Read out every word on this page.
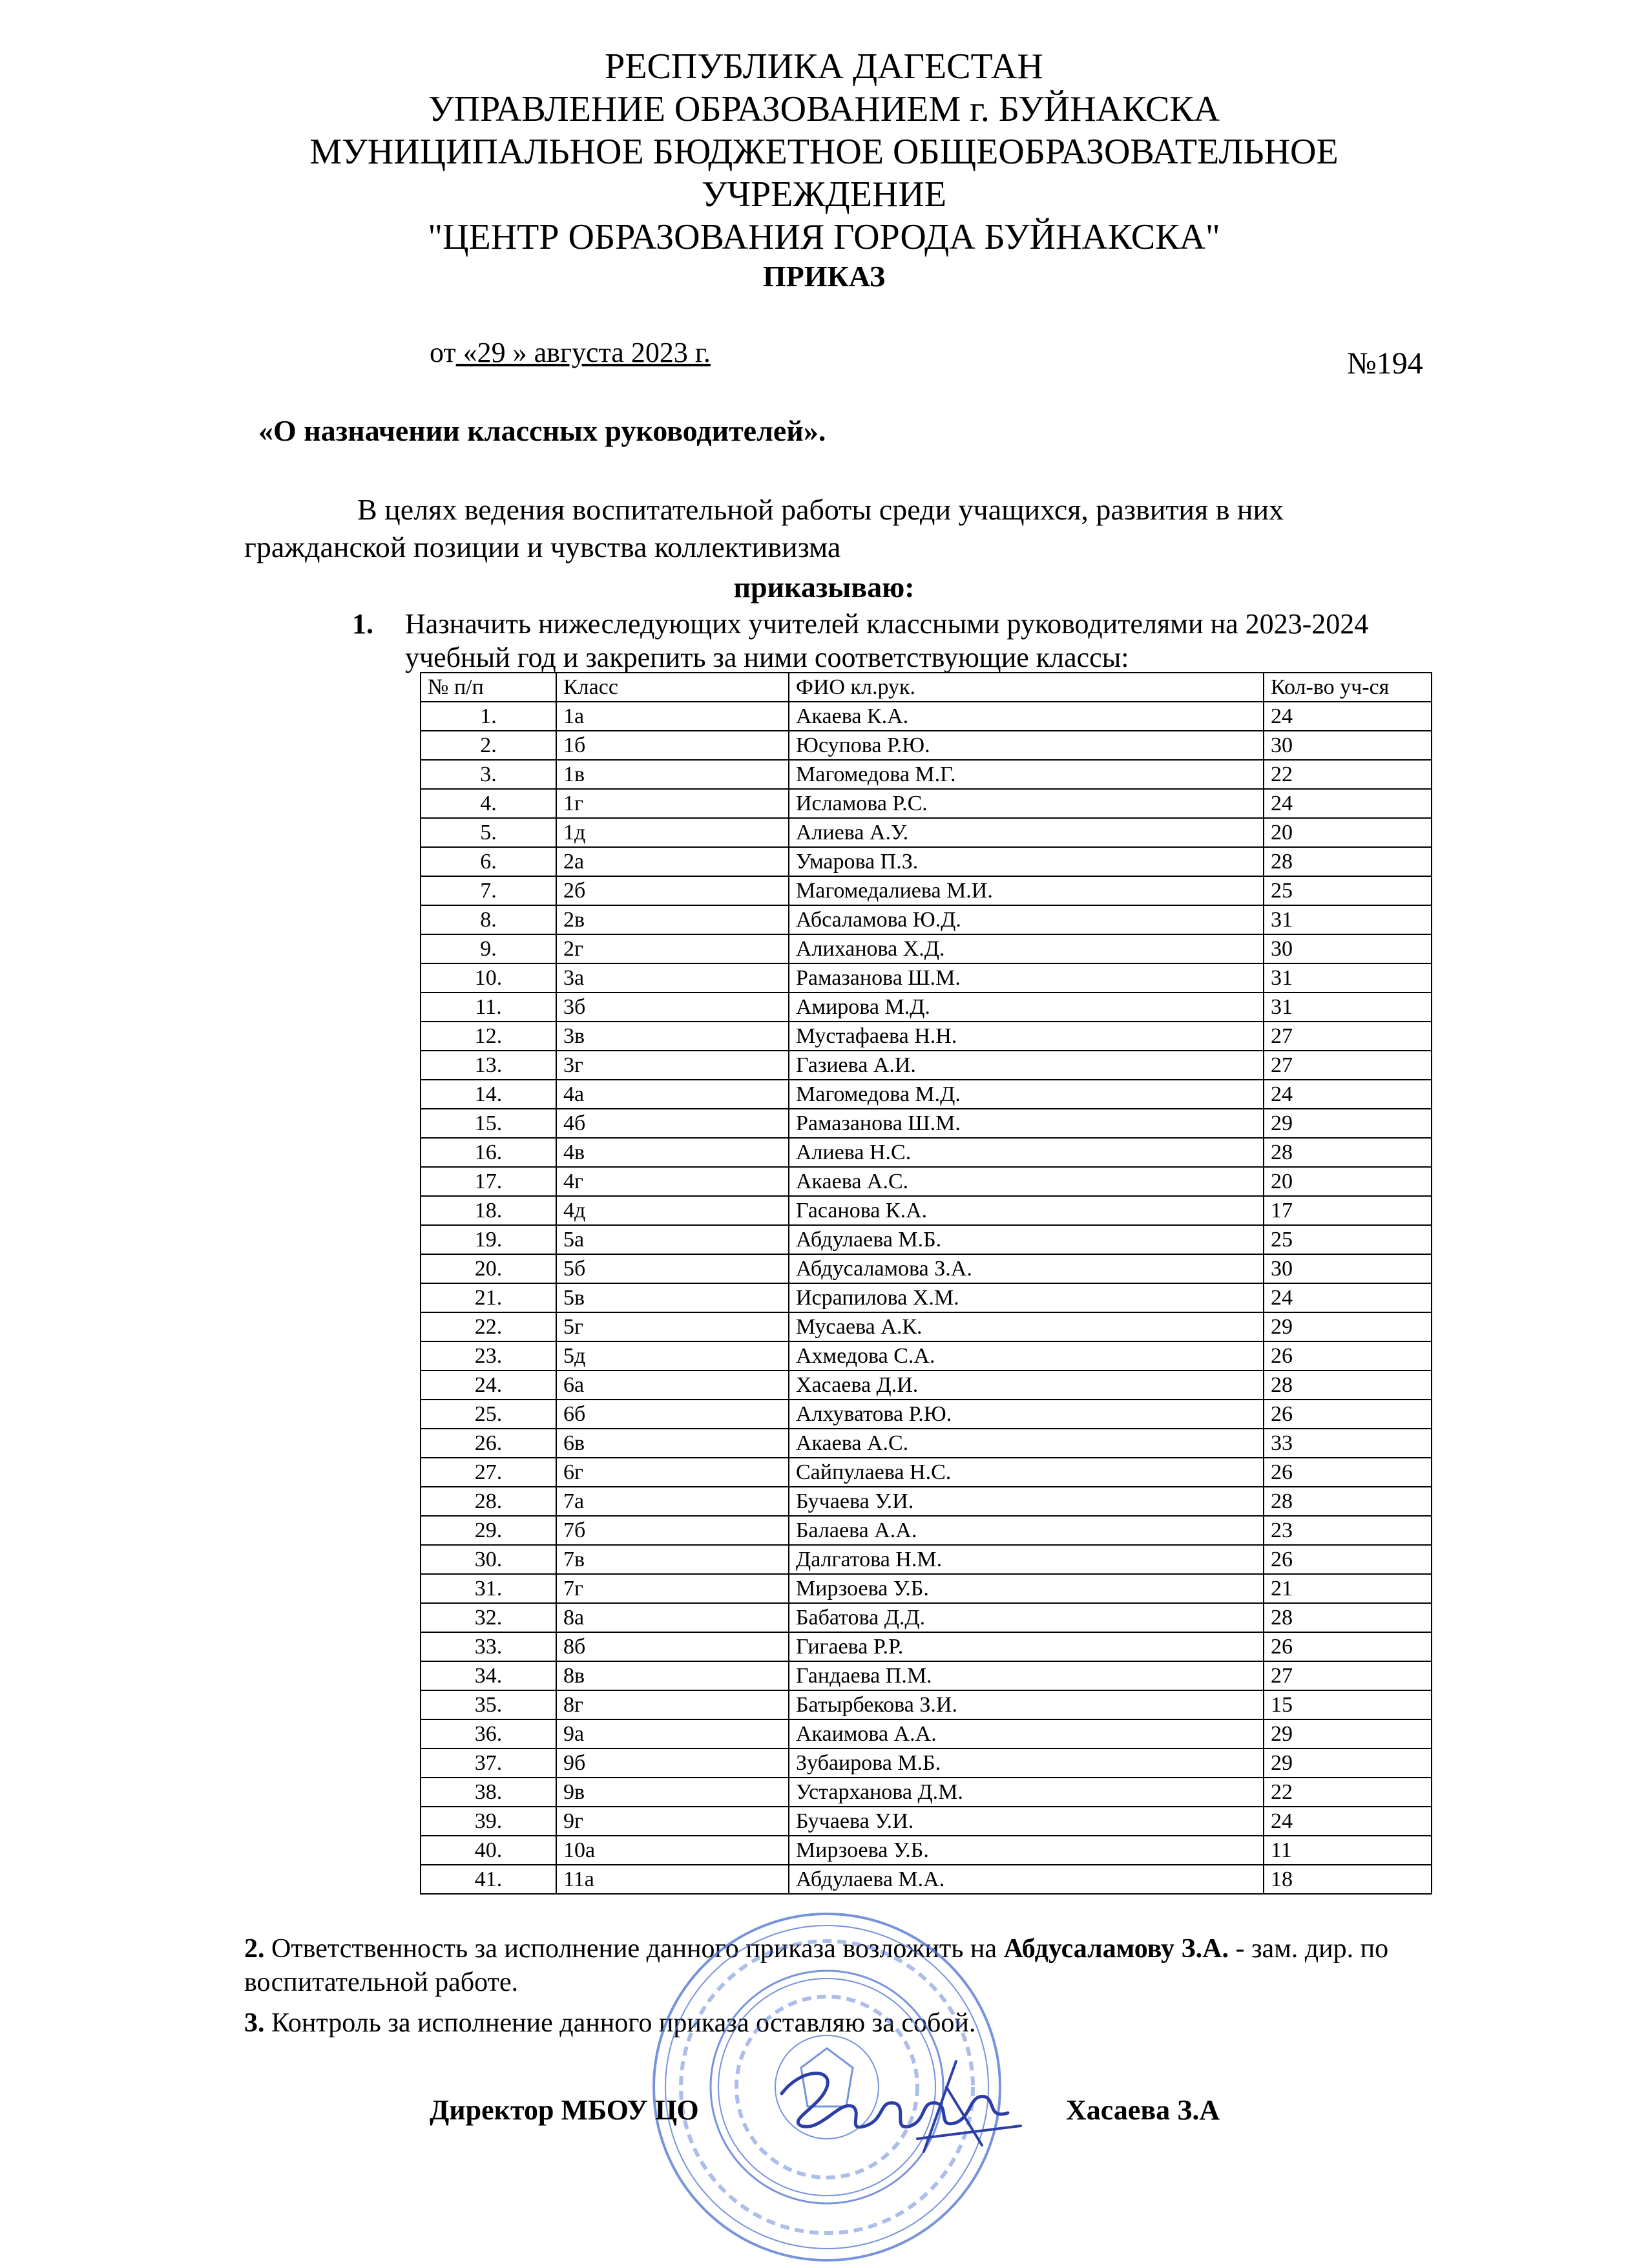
РЕСПУБЛИКА ДАГЕСТАН
УПРАВЛЕНИЕ ОБРАЗОВАНИЕМ г. БУЙНАКСКА
МУНИЦИПАЛЬНОЕ БЮДЖЕТНОЕ ОБЩЕОБРАЗОВАТЕЛЬНОЕ
УЧРЕЖДЕНИЕ
"ЦЕНТР ОБРАЗОВАНИЯ ГОРОДА БУЙНАКСКА"
ПРИКАЗ
от «29 » августа 2023 г.	№194
«О назначении классных руководителей».
В целях ведения воспитательной работы среди учащихся, развития в них
гражданской позиции и чувства коллективизма
приказываю:
1. Назначить нижеследующих учителей классными руководителями на 2023-2024 учебный год и закрепить за ними соответствующие классы:
№ п/п	Класс	ФИО кл.рук.	Кол-во уч-ся
1.	1а	Акаева К.А.	24
2.	1б	Юсупова Р.Ю.	30
3.	1в	Магомедова М.Г.	22
4.	1г	Исламова Р.С.	24
5.	1д	Алиева А.У.	20
6.	2а	Умарова П.З.	28
7.	2б	Магомедалиева М.И.	25
8.	2в	Абсаламова Ю.Д.	31
9.	2г	Алиханова Х.Д.	30
10.	3а	Рамазанова Ш.М.	31
11.	3б	Амирова М.Д.	31
12.	3в	Мустафаева Н.Н.	27
13.	3г	Газиева А.И.	27
14.	4а	Магомедова М.Д.	24
15.	4б	Рамазанова Ш.М.	29
16.	4в	Алиева Н.С.	28
17.	4г	Акаева А.С.	20
18.	4д	Гасанова К.А.	17
19.	5а	Абдулаева М.Б.	25
20.	5б	Абдусаламова З.А.	30
21.	5в	Исрапилова Х.М.	24
22.	5г	Мусаева А.К.	29
23.	5д	Ахмедова С.А.	26
24.	6а	Хасаева Д.И.	28
25.	6б	Алхуватова Р.Ю.	26
26.	6в	Акаева А.С.	33
27.	6г	Сайпулаева Н.С.	26
28.	7а	Бучаева У.И.	28
29.	7б	Балаева А.А.	23
30.	7в	Далгатова Н.М.	26
31.	7г	Мирзоева У.Б.	21
32.	8а	Бабатова Д.Д.	28
33.	8б	Гигаева Р.Р.	26
34.	8в	Гандаева П.М.	27
35.	8г	Батырбекова З.И.	15
36.	9а	Акаимова А.А.	29
37.	9б	Зубаирова М.Б.	29
38.	9в	Устарханова Д.М.	22
39.	9г	Бучаева У.И.	24
40.	10а	Мирзоева У.Б.	11
41.	11а	Абдулаева М.А.	18
2. Ответственность за исполнение данного приказа возложить на Абдусаламову З.А. - зам. дир. по воспитательной работе.
3. Контроль за исполнение данного приказа оставляю за собой.
Директор МБОУ ЦО	Хасаева З.А
